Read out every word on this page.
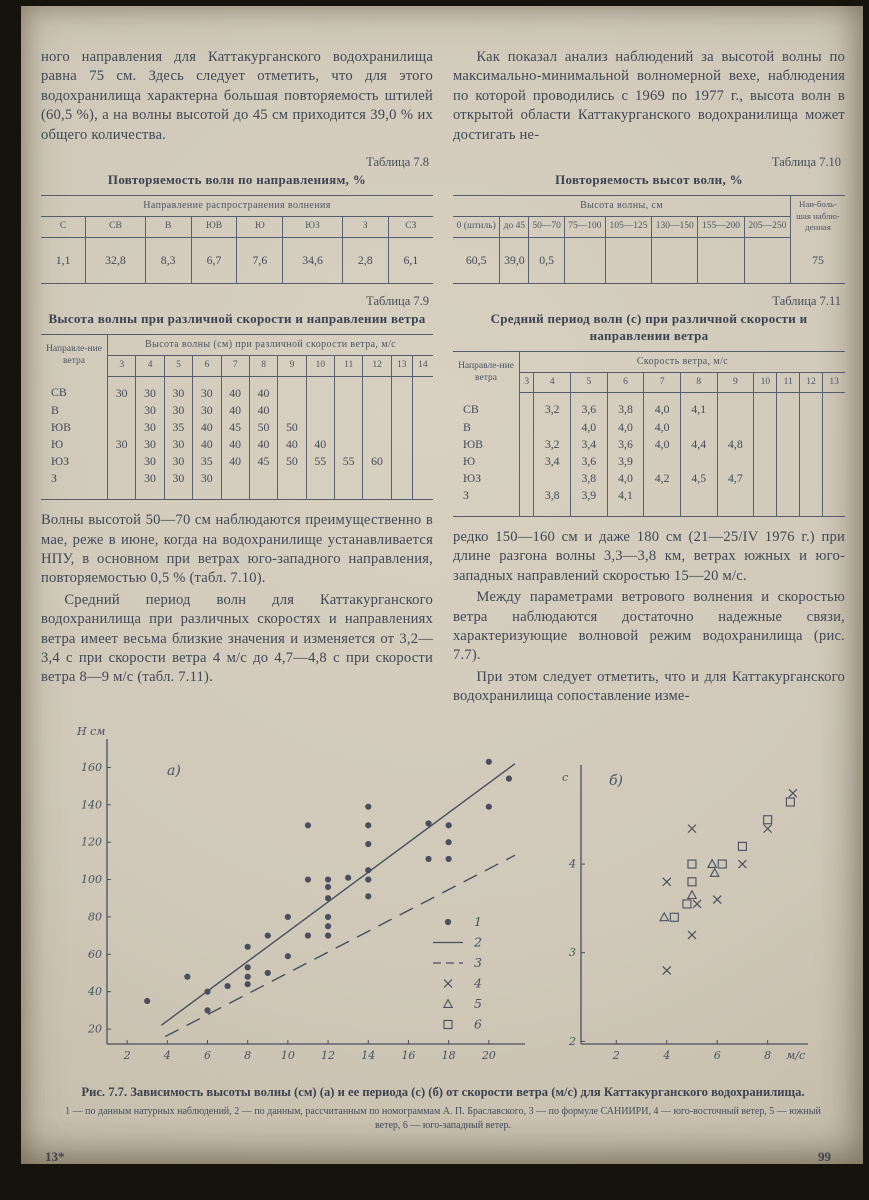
ного направления для Каттакурганского водохранилища равна 75 см. Здесь следует отметить, что для этого водохранилища характерна большая повторяемость штилей (60,5 %), а на волны высотой до 45 см приходится 39,0 % их общего количества.

Таблица 7.8
Повторяемость волн по направлениям, %
Направление распространения волнения							
С	СВ	В	ЮВ	Ю	ЮЗ	З	СЗ
1,1	32,8	8,3	6,7	7,6	34,6	2,8	6,1
Таблица 7.9
Высота волны при различной скорости и направлении ветра
Направле-ние ветра	Высота волны (см) при различной скорости ветра, м/с											
	3	4	5	6	7	8	9	10	11	12	13	14
СВ	30	30	30	30	40	40						
В		30	30	30	40	40						
ЮВ		30	35	40	45	50	50					
Ю	30	30	30	40	40	40	40	40				
ЮЗ		30	30	35	40	45	50	55	55	60		
З		30	30	30								

Волны высотой 50—70 см наблюдаются преимущественно в мае, реже в июне, когда на водохранилище устанавливается НПУ, в основном при ветрах юго-западного направления, повторяемостью 0,5 % (табл. 7.10).

Средний период волн для Каттакурганского водохранилища при различных скоростях и направлениях ветра имеет весьма близкие значения и изменяется от 3,2—3,4 с при скорости ветра 4 м/с до 4,7—4,8 с при скорости ветра 8—9 м/с (табл. 7.11).

Как показал анализ наблюдений за высотой волны по максимально-минимальной волномерной вехе, наблюдения по которой проводились с 1969 по 1977 г., высота волн в открытой области Каттакурганского водохранилища может достигать не-

Таблица 7.10
Повторяемость высот волн, %
Высота волны, см								Наи-боль-шая наблю-денная
0 (штиль)	до 45	50—70	75—100	105—125	130—150	155—200	205—250	
60,5	39,0	0,5						75
Таблица 7.11
Средний период волн (с) при различной скорости и направлении ветра
Направле-ние ветра	Скорость ветра, м/с										
	3	4	5	6	7	8	9	10	11	12	13
СВ		3,2	3,6	3,8	4,0	4,1					
В			4,0	4,0	4,0						
ЮВ		3,2	3,4	3,6	4,0	4,4	4,8				
Ю		3,4	3,6	3,9							
ЮЗ			3,8	4,0	4,2	4,5	4,7				
З		3,8	3,9	4,1							

редко 150—160 см и даже 180 см (21—25/IV 1976 г.) при длине разгона волны 3,3—3,8 км, ветрах южных и юго-западных направлений скоростью 15—20 м/с.

Между параметрами ветрового волнения и скоростью ветра наблюдаются достаточно надежные связи, характеризующие волновой режим водохранилища (рис. 7.7).

При этом следует отметить, что и для Каттакурганского водохранилища сопоставление изме-

2	4	6	8	10 12 14 16 18 20
20
40
60
80
100
120
140
160
Н см
а)
1
2
3
4
5
6
2	4	6	8
2
3
4
м/с
с	б)
Рис. 7.7. Зависимость высоты волны (см) (а) и ее периода (с) (б) от скорости ветра (м/с) для Каттакурганского водохранилища.
1 — по данным натурных наблюдений, 2 — по данным, рассчитанным по номограммам А. П. Браславского, 3 — по формуле САНИИРИ, 4 — юго-восточный ветер, 5 — южный ветер, 6 — юго-западный ветер.
13*	99
